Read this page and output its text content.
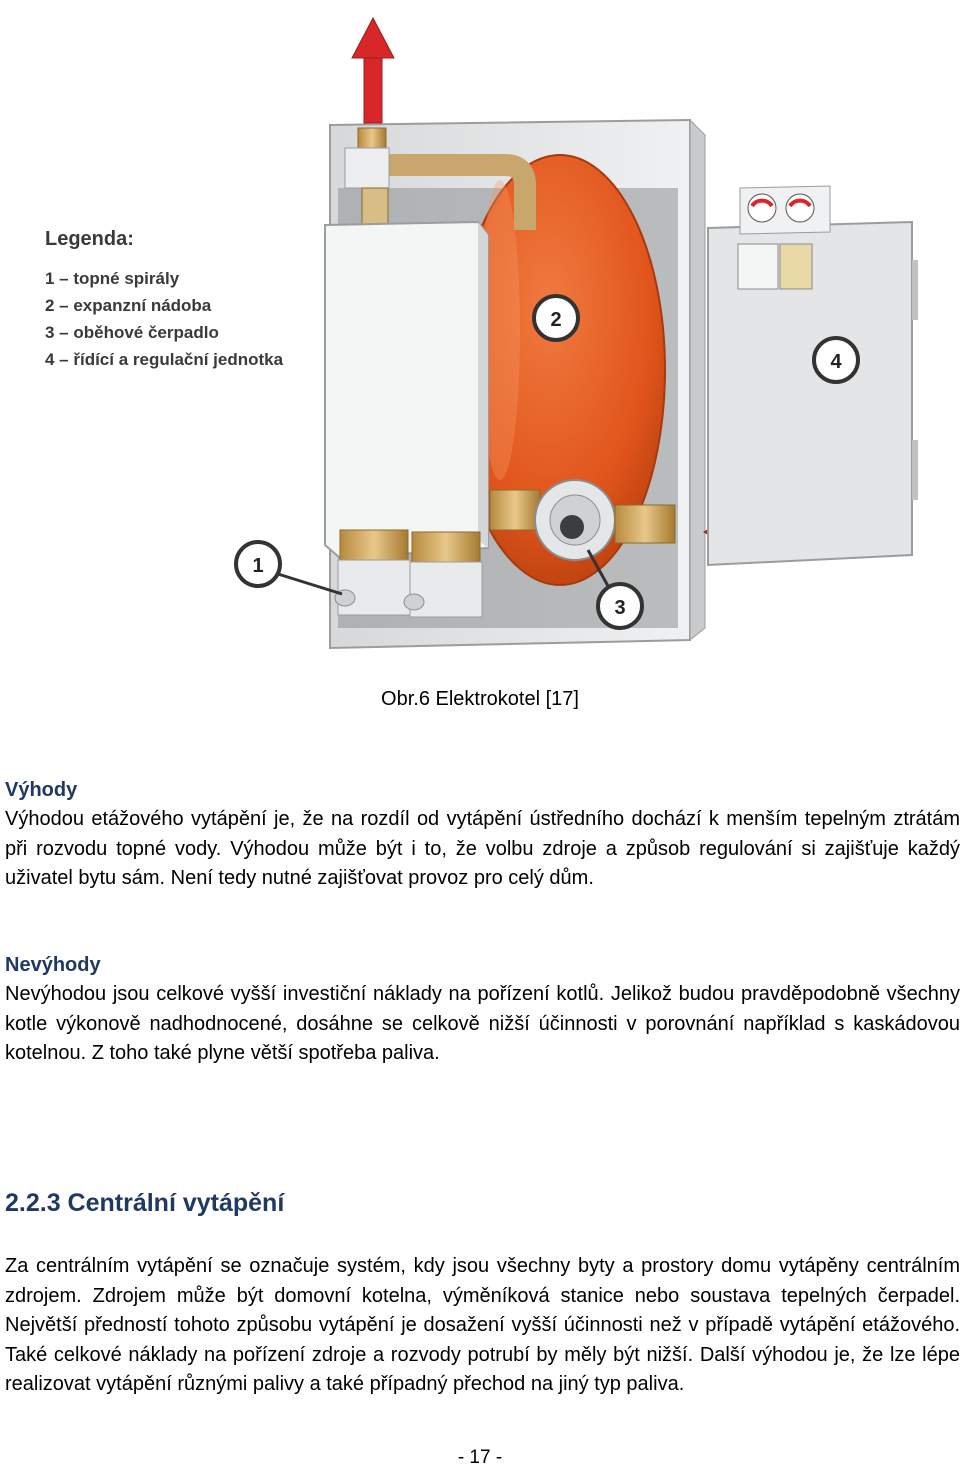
1
2
3
4
Legenda:
1 – topné spirály
2 – expanzní nádoba
3 – oběhové čerpadlo
4 – řídící a regulační jednotka
Obr.6 Elektrokotel [17]
Výhody

Výhodou etážového vytápění je, že na rozdíl od vytápění ústředního dochází k menším tepelným ztrátám při rozvodu topné vody. Výhodou může být i to, že volbu zdroje a způsob regulování si zajišťuje každý uživatel bytu sám. Není tedy nutné zajišťovat provoz pro celý dům.

Nevýhody

Nevýhodou jsou celkové vyšší investiční náklady na pořízení kotlů. Jelikož budou pravděpodobně všechny kotle výkonově nadhodnocené, dosáhne se celkově nižší účinnosti v porovnání například s kaskádovou kotelnou. Z toho také plyne větší spotřeba paliva.

2.2.3 Centrální vytápění

Za centrálním vytápění se označuje systém, kdy jsou všechny byty a prostory domu vytápěny centrálním zdrojem. Zdrojem může být domovní kotelna, výměníková stanice nebo soustava tepelných čerpadel. Největší předností tohoto způsobu vytápění je dosažení vyšší účinnosti než v případě vytápění etážového. Také celkové náklady na pořízení zdroje a rozvody potrubí by měly být nižší. Další výhodou je, že lze lépe realizovat vytápění různými palivy a také případný přechod na jiný typ paliva.

- 17 -
